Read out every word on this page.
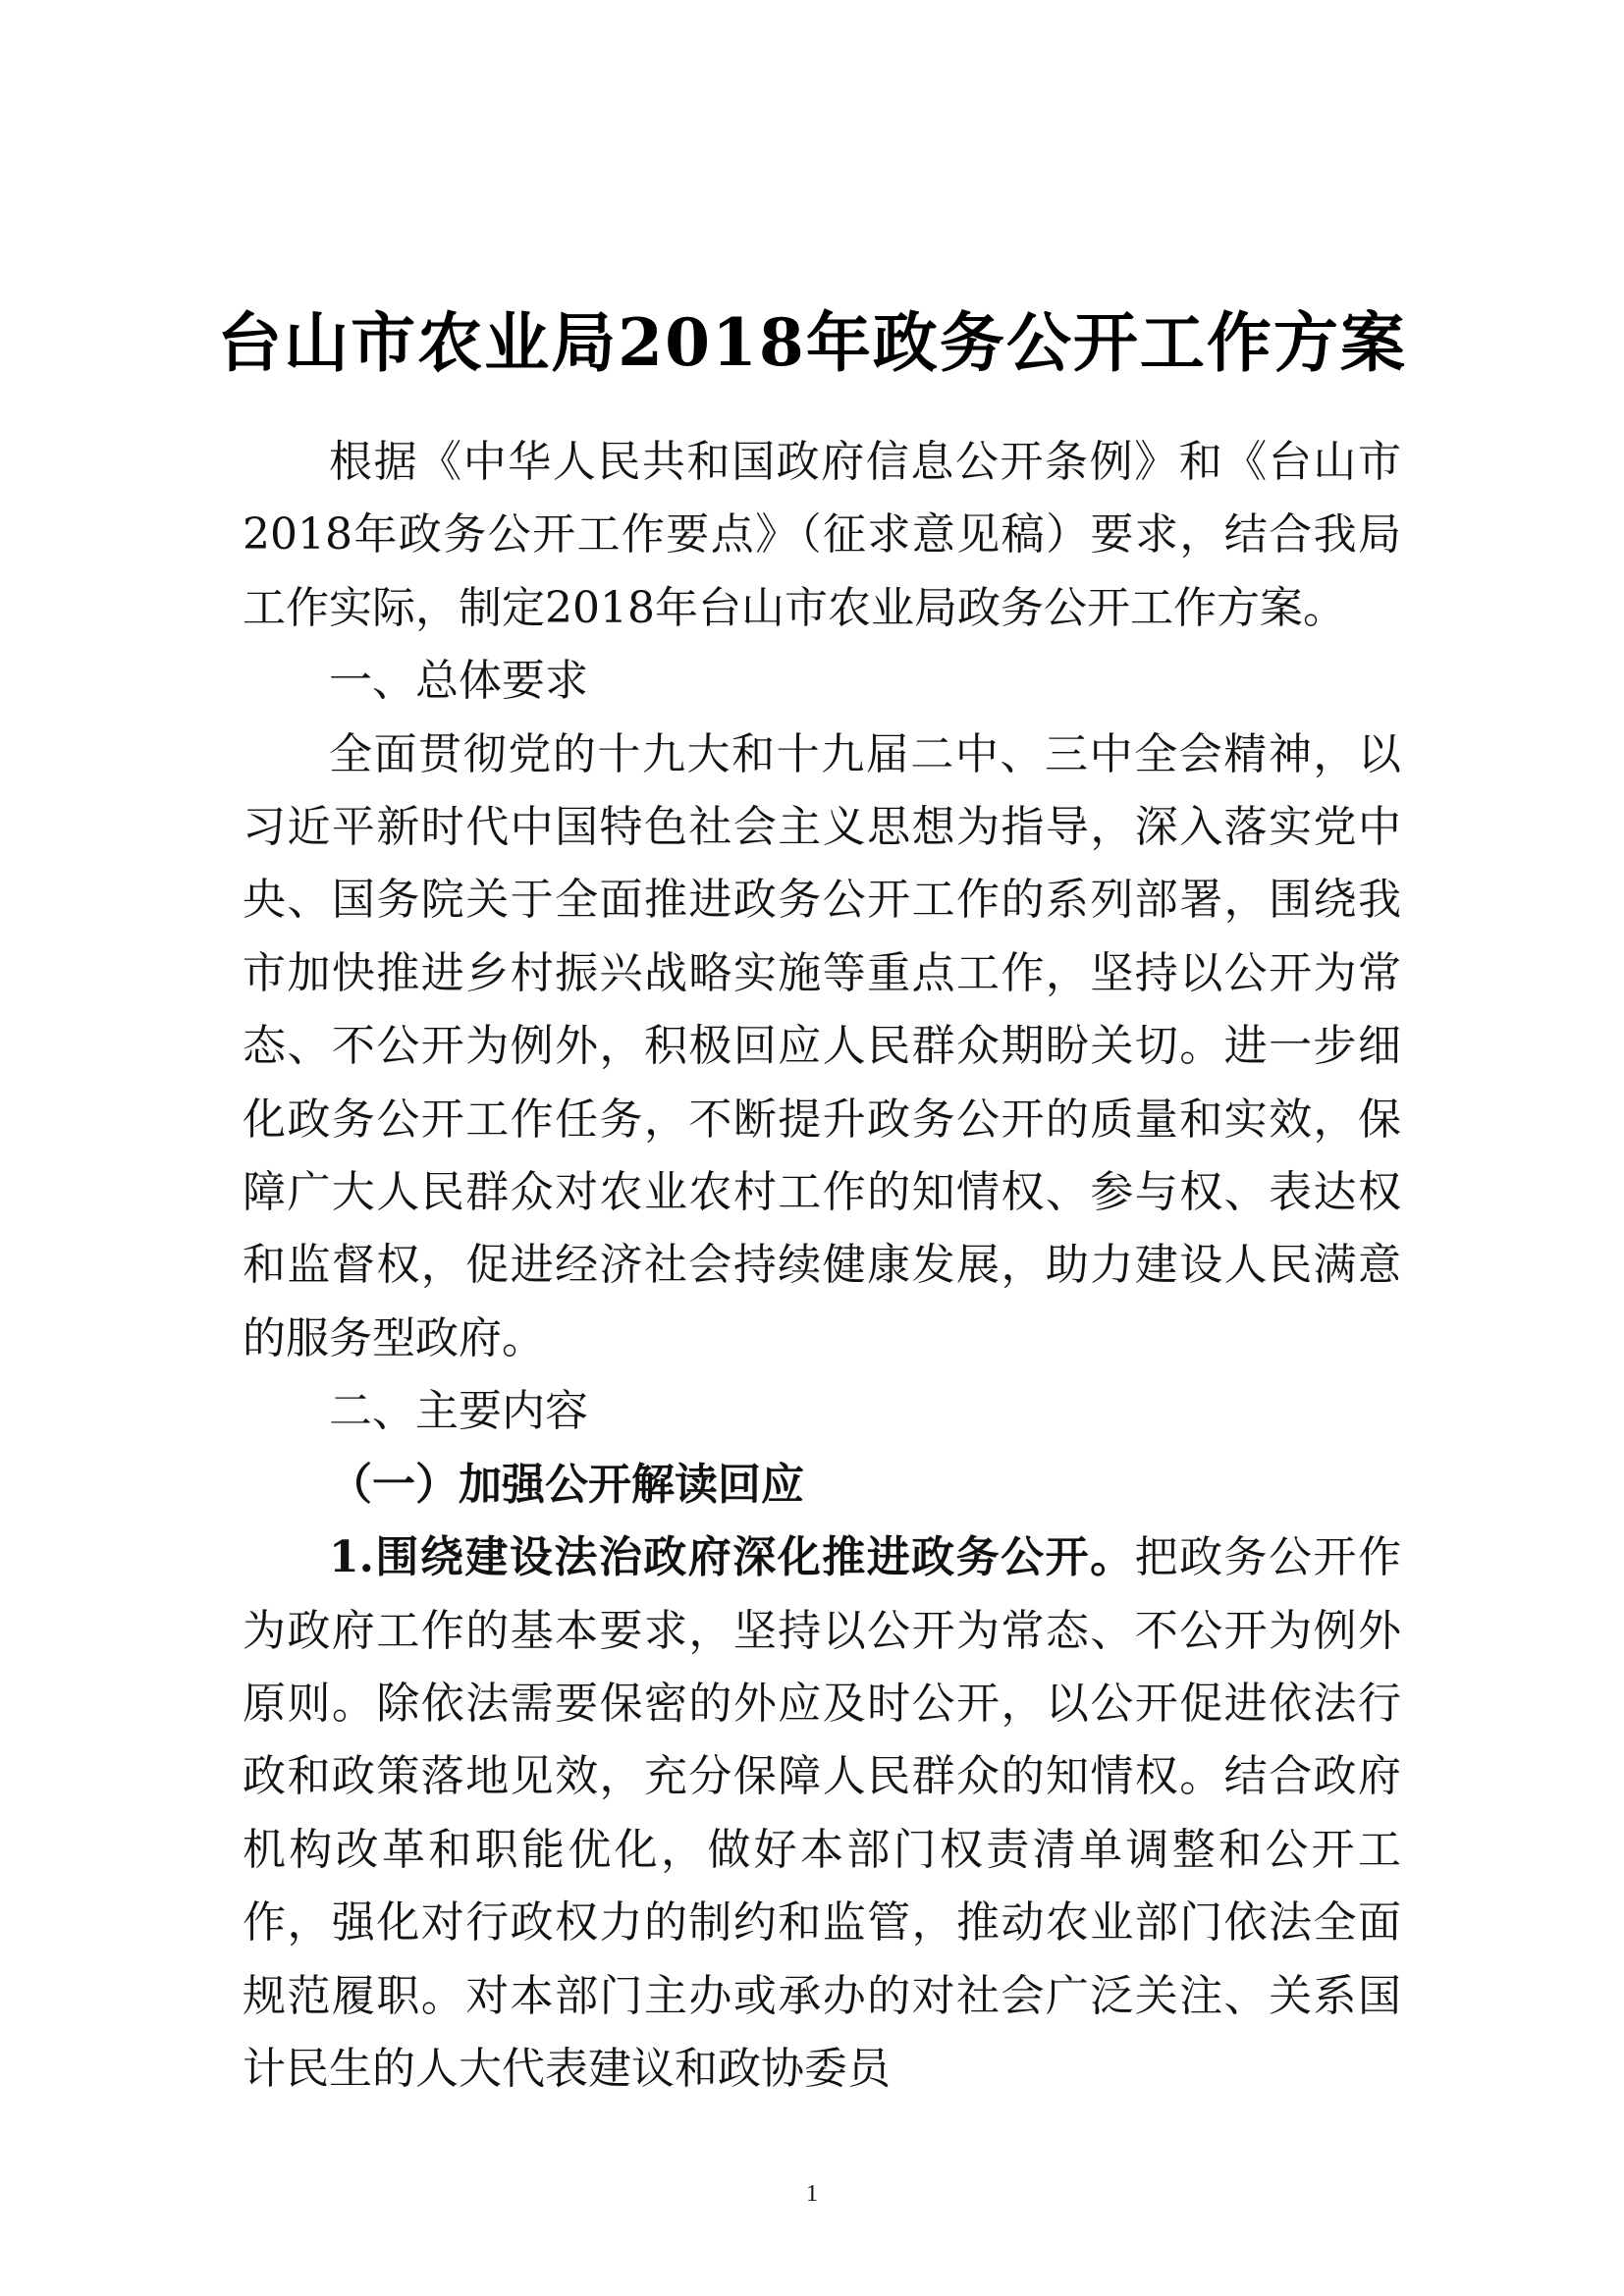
台山市农业局2018年政务公开工作方案

根据《中华人民共和国政府信息公开条例》和《台山市2018年政务公开工作要点》（征求意见稿）要求，结合我局工作实际，制定2018年台山市农业局政务公开工作方案。

一、总体要求

全面贯彻党的十九大和十九届二中、三中全会精神，以习近平新时代中国特色社会主义思想为指导，深入落实党中央、国务院关于全面推进政务公开工作的系列部署，围绕我市加快推进乡村振兴战略实施等重点工作，坚持以公开为常态、不公开为例外，积极回应人民群众期盼关切。进一步细化政务公开工作任务，不断提升政务公开的质量和实效，保障广大人民群众对农业农村工作的知情权、参与权、表达权和监督权，促进经济社会持续健康发展，助力建设人民满意的服务型政府。

二、主要内容

（一）加强公开解读回应

1.围绕建设法治政府深化推进政务公开。把政务公开作为政府工作的基本要求，坚持以公开为常态、不公开为例外原则。除依法需要保密的外应及时公开，以公开促进依法行政和政策落地见效，充分保障人民群众的知情权。结合政府机构改革和职能优化，做好本部门权责清单调整和公开工作，强化对行政权力的制约和监管，推动农业部门依法全面规范履职。对本部门主办或承办的对社会广泛关注、关系国计民生的人大代表建议和政协委员

1
